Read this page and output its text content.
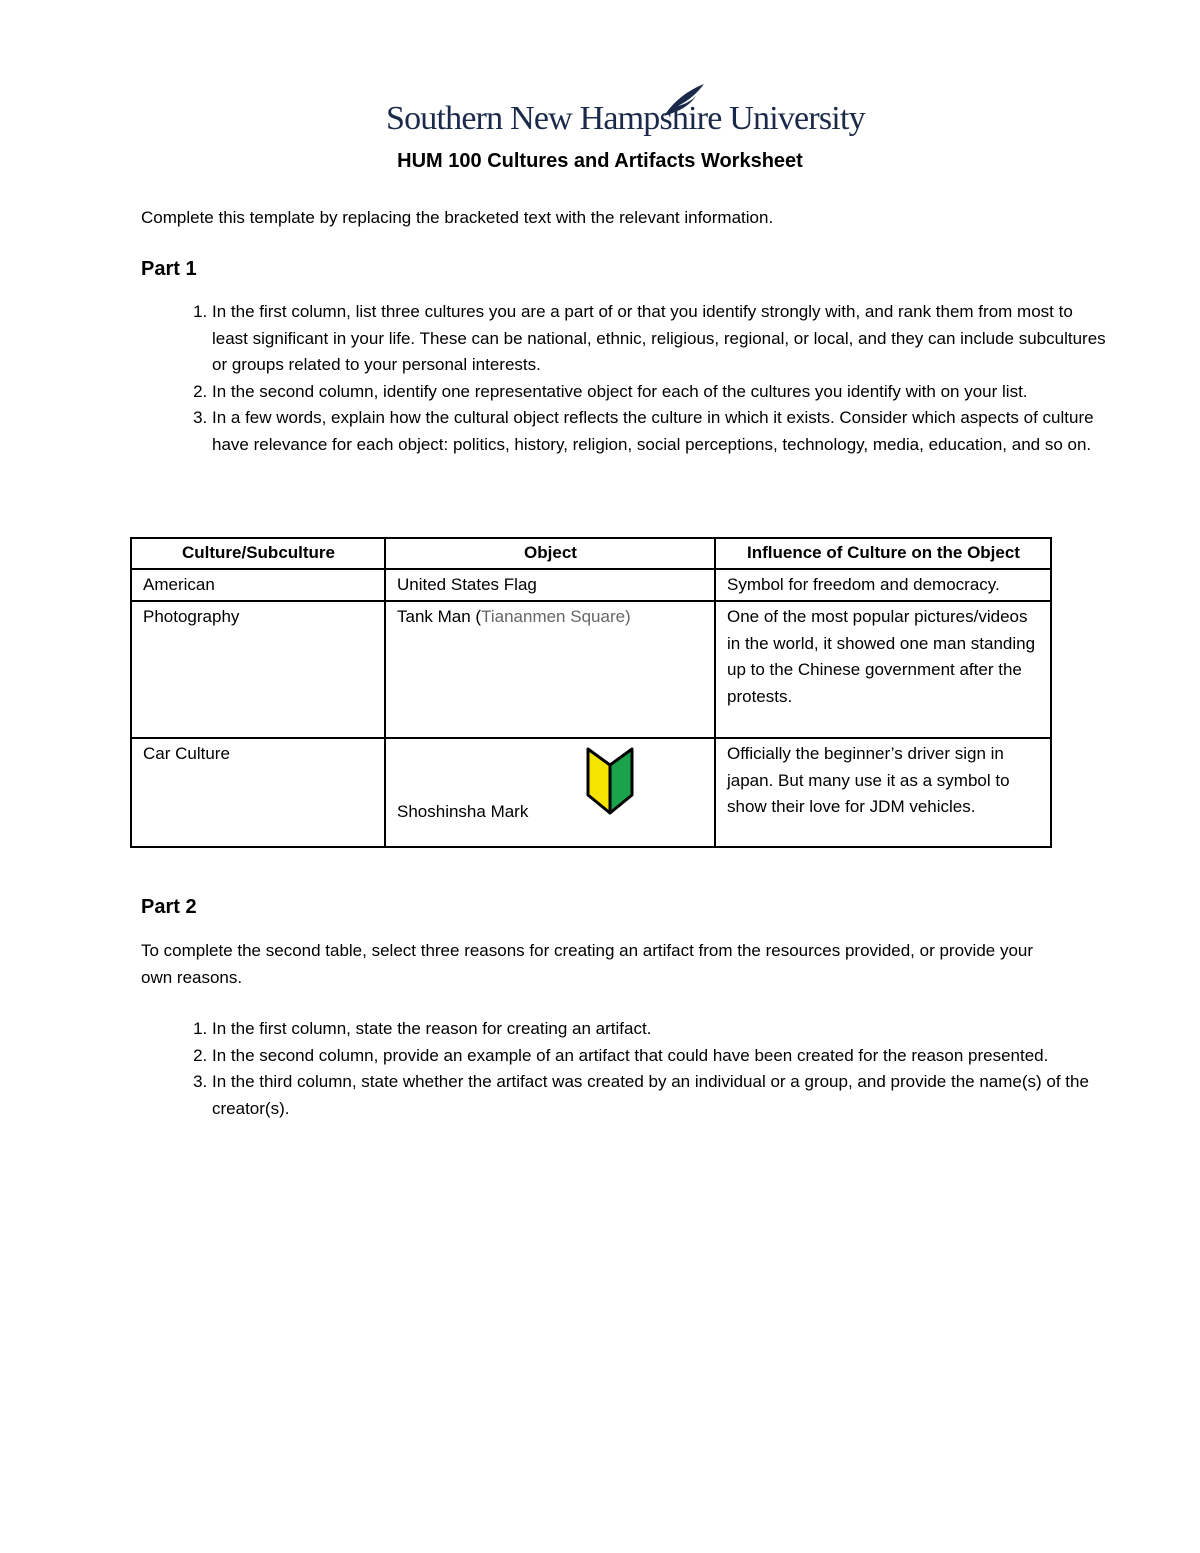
Southern New Hampshire University
HUM 100 Cultures and Artifacts Worksheet
Complete this template by replacing the bracketed text with the relevant information.
Part 1
1. In the first column, list three cultures you are a part of or that you identify strongly with, and rank them from most to least significant in your life. These can be national, ethnic, religious, regional, or local, and they can include subcultures or groups related to your personal interests.
2. In the second column, identify one representative object for each of the cultures you identify with on your list.
3. In a few words, explain how the cultural object reflects the culture in which it exists. Consider which aspects of culture have relevance for each object: politics, history, religion, social perceptions, technology, media, education, and so on.
Culture/Subculture	Object	Influence of Culture on the Object
American	United States Flag	Symbol for freedom and democracy.
Photography	Tank Man (Tiananmen Square)	One of the most popular pictures/videos in the world, it showed one man standing up to the Chinese government after the protests.
Car Culture	Shoshinsha Mark	Officially the beginner’s driver sign in japan. But many use it as a symbol to show their love for JDM vehicles.
Part 2
To complete the second table, select three reasons for creating an artifact from the resources provided, or provide your own reasons.
1. In the first column, state the reason for creating an artifact.
2. In the second column, provide an example of an artifact that could have been created for the reason presented.
3. In the third column, state whether the artifact was created by an individual or a group, and provide the name(s) of the creator(s).
